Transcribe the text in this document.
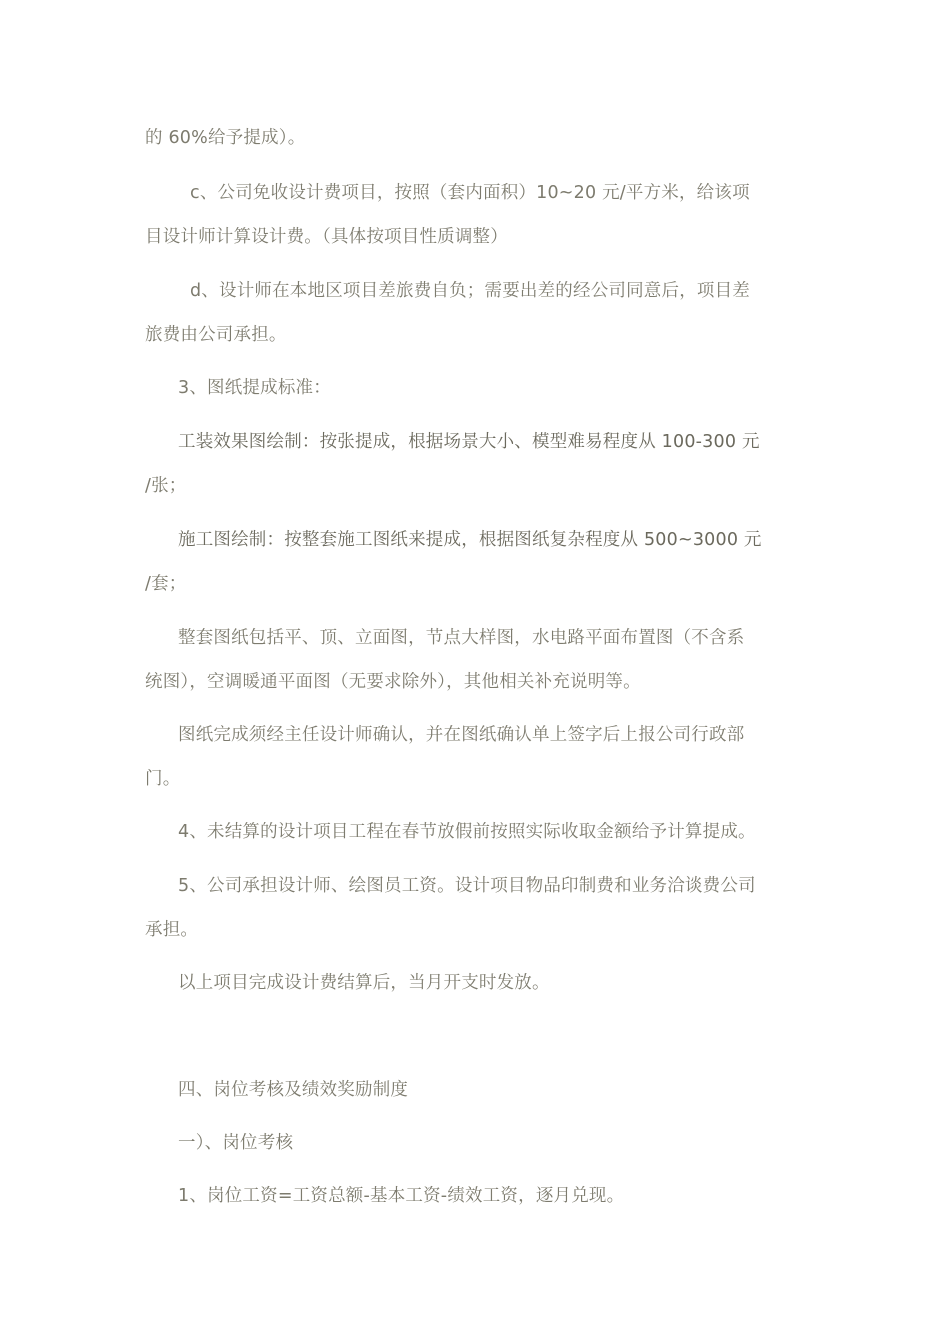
的 60%给予提成）。

c、公司免收设计费项目，按照（套内面积）10~20 元/平方米，给该项

目设计师计算设计费。（具体按项目性质调整）

d、设计师在本地区项目差旅费自负；需要出差的经公司同意后，项目差

旅费由公司承担。

3、图纸提成标准：

工装效果图绘制：按张提成，根据场景大小、模型难易程度从 100-300 元

/张；

施工图绘制：按整套施工图纸来提成，根据图纸复杂程度从 500~3000 元

/套；

整套图纸包括平、顶、立面图，节点大样图，水电路平面布置图（不含系

统图），空调暖通平面图（无要求除外），其他相关补充说明等。

图纸完成须经主任设计师确认，并在图纸确认单上签字后上报公司行政部

门。

4、未结算的设计项目工程在春节放假前按照实际收取金额给予计算提成。

5、公司承担设计师、绘图员工资。设计项目物品印制费和业务洽谈费公司

承担。

以上项目完成设计费结算后，当月开支时发放。

四、岗位考核及绩效奖励制度

一）、岗位考核

1、岗位工资=工资总额-基本工资-绩效工资，逐月兑现。
